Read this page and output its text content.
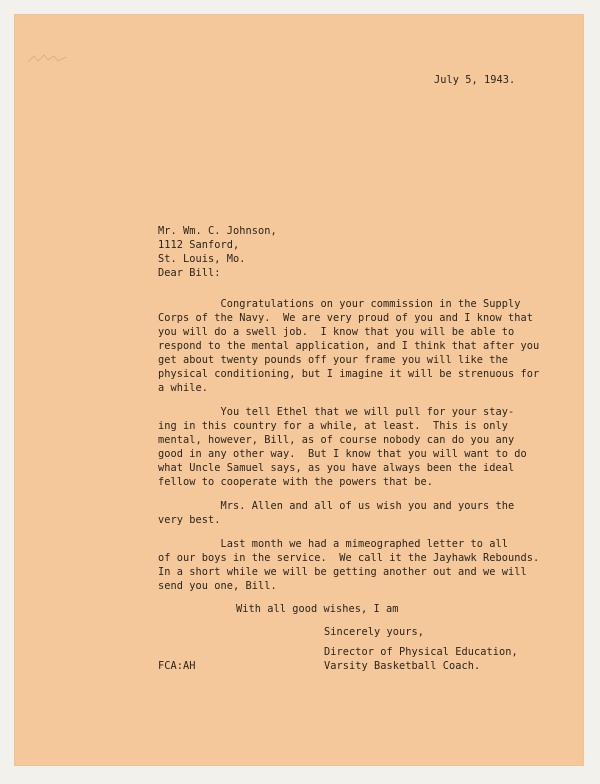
July 5, 1943.
Mr. Wm. C. Johnson,
1112 Sanford,
St. Louis, Mo.
Dear Bill:
Congratulations on your commission in the Supply
Corps of the Navy.  We are very proud of you and I know that
you will do a swell job.  I know that you will be able to
respond to the mental application, and I think that after you
get about twenty pounds off your frame you will like the
physical conditioning, but I imagine it will be strenuous for
a while.
You tell Ethel that we will pull for your stay-
ing in this country for a while, at least.  This is only
mental, however, Bill, as of course nobody can do you any
good in any other way.  But I know that you will want to do
what Uncle Samuel says, as you have always been the ideal
fellow to cooperate with the powers that be.
Mrs. Allen and all of us wish you and yours the
very best.
Last month we had a mimeographed letter to all
of our boys in the service.  We call it the Jayhawk Rebounds.
In a short while we will be getting another out and we will
send you one, Bill.
With all good wishes, I am
Sincerely yours,
Director of Physical Education,
Varsity Basketball Coach.
FCA:AH
